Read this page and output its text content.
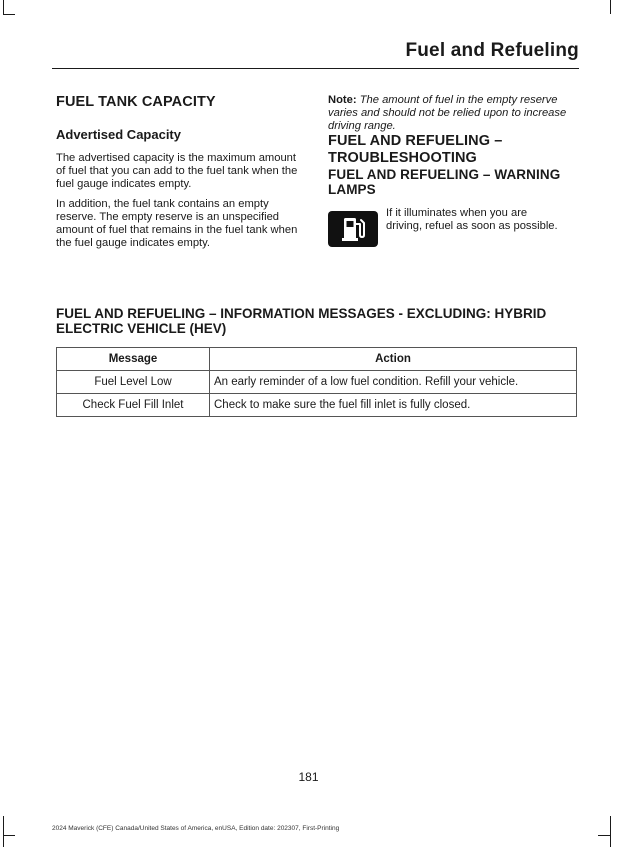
Fuel and Refueling
FUEL TANK CAPACITY
Advertised Capacity

The advertised capacity is the maximum amount of fuel that you can add to the fuel tank when the fuel gauge indicates empty.

In addition, the fuel tank contains an empty reserve. The empty reserve is an unspecified amount of fuel that remains in the fuel tank when the fuel gauge indicates empty.

Note: The amount of fuel in the empty reserve varies and should not be relied upon to increase driving range.

FUEL AND REFUELING – TROUBLESHOOTING
FUEL AND REFUELING – WARNING LAMPS
If it illuminates when you are driving, refuel as soon as possible.
FUEL AND REFUELING – INFORMATION MESSAGES - EXCLUDING: HYBRID ELECTRIC VEHICLE (HEV)
Message	Action
Fuel Level Low	An early reminder of a low fuel condition. Refill your vehicle.
Check Fuel Fill Inlet	Check to make sure the fuel fill inlet is fully closed.
181
2024 Maverick (CFE) Canada/United States of America, enUSA, Edition date: 202307, First-Printing
